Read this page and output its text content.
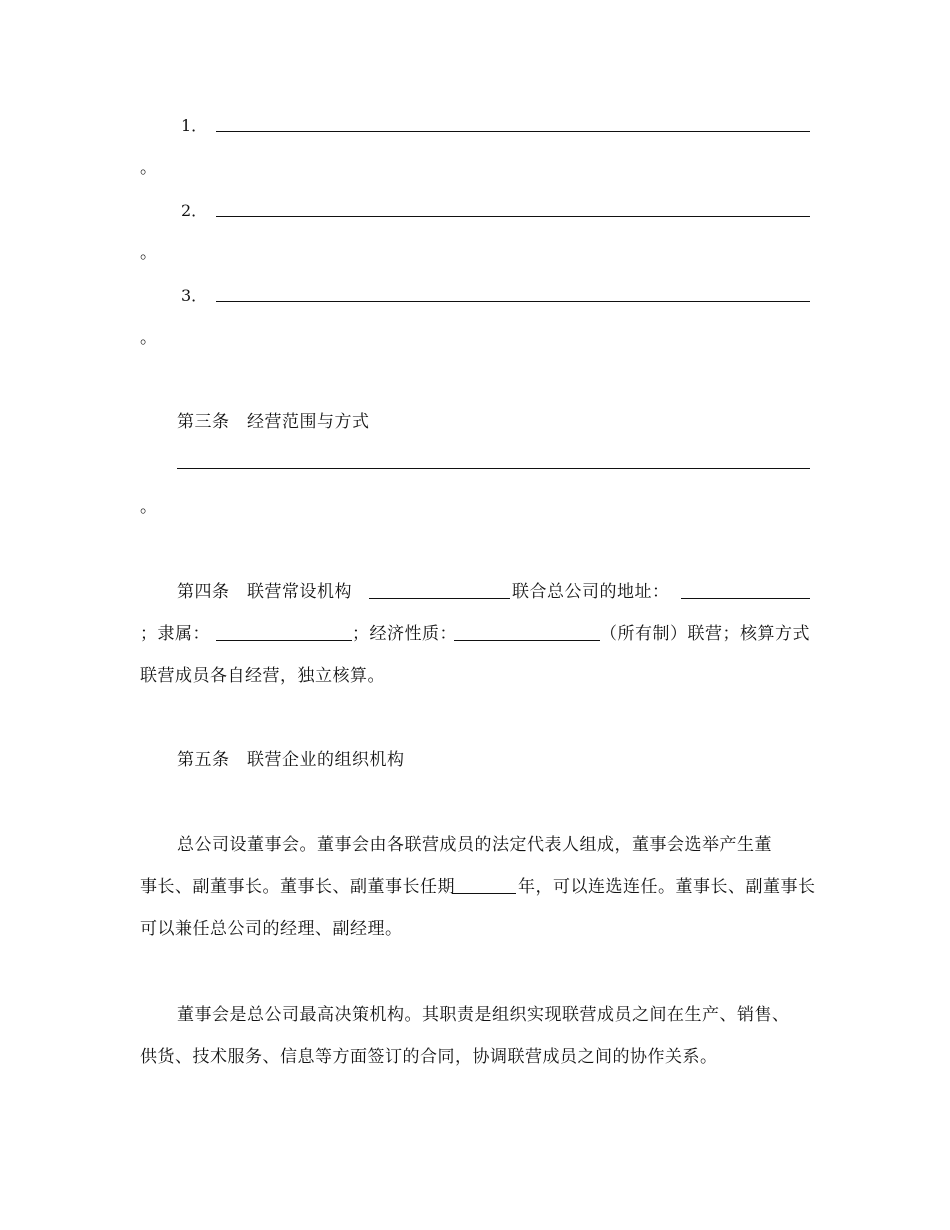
1．
。
2．
。
3．
。
第三条　经营范围与方式
。
第四条　联营常设机构	联合总公司的地址：
；隶属：	；经济性质：	（所有制）联营；核算方式
联营成员各自经营，独立核算。
第五条　联营企业的组织机构
总公司设董事会。董事会由各联营成员的法定代表人组成，董事会选举产生董
事长、副董事长。董事长、副董事长任期	年，可以连选连任。董事长、副董事长
可以兼任总公司的经理、副经理。
董事会是总公司最高决策机构。其职责是组织实现联营成员之间在生产、销售、
供货、技术服务、信息等方面签订的合同，协调联营成员之间的协作关系。
